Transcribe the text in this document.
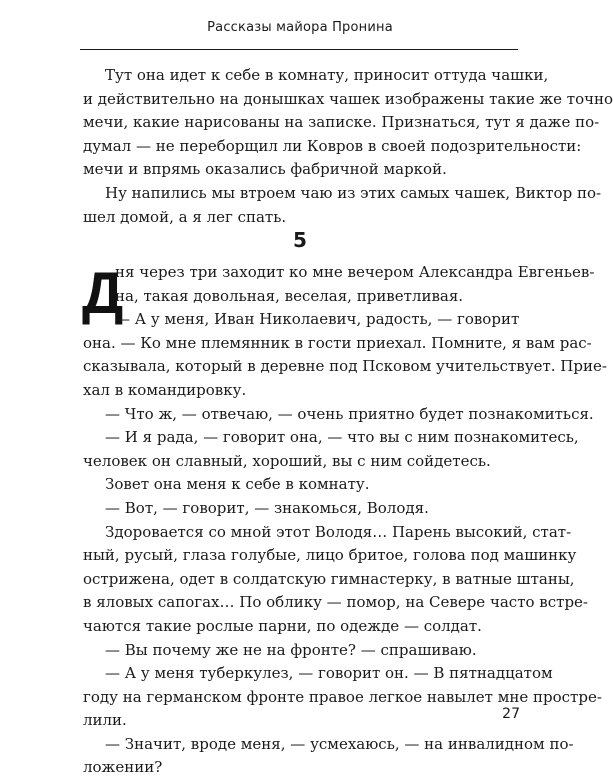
Рассказы майора Пронина
Тут она идет к себе в комнату, приносит оттуда чашки,
и действительно на донышках чашек изображены такие же точно
мечи, какие нарисованы на записке. Признаться, тут я даже по-
думал — не переборщил ли Ковров в своей подозрительности:
мечи и впрямь оказались фабричной маркой.
Ну напились мы втроем чаю из этих самых чашек, Виктор по-
шел домой, а я лег спать.
5
Д
ня через три заходит ко мне вечером Александра Евгеньев-
на, такая довольная, веселая, приветливая.
— А у меня, Иван Николаевич, радость, — говорит
она. — Ко мне племянник в гости приехал. Помните, я вам рас-
сказывала, который в деревне под Псковом учительствует. Прие-
хал в командировку.
— Что ж, — отвечаю, — очень приятно будет познакомиться.
— И я рада, — говорит она, — что вы с ним познакомитесь,
человек он славный, хороший, вы с ним сойдетесь.
Зовет она меня к себе в комнату.
— Вот, — говорит, — знакомься, Володя.
Здоровается со мной этот Володя… Парень высокий, стат-
ный, русый, глаза голубые, лицо бритое, голова под машинку
острижена, одет в солдатскую гимнастерку, в ватные штаны,
в яловых сапогах… По облику — помор, на Севере часто встре-
чаются такие рослые парни, по одежде — солдат.
— Вы почему же не на фронте? — спрашиваю.
— А у меня туберкулез, — говорит он. — В пятнадцатом
году на германском фронте правое легкое навылет мне простре-
лили.
— Значит, вроде меня, — усмехаюсь, — на инвалидном по-
ложении?
27
